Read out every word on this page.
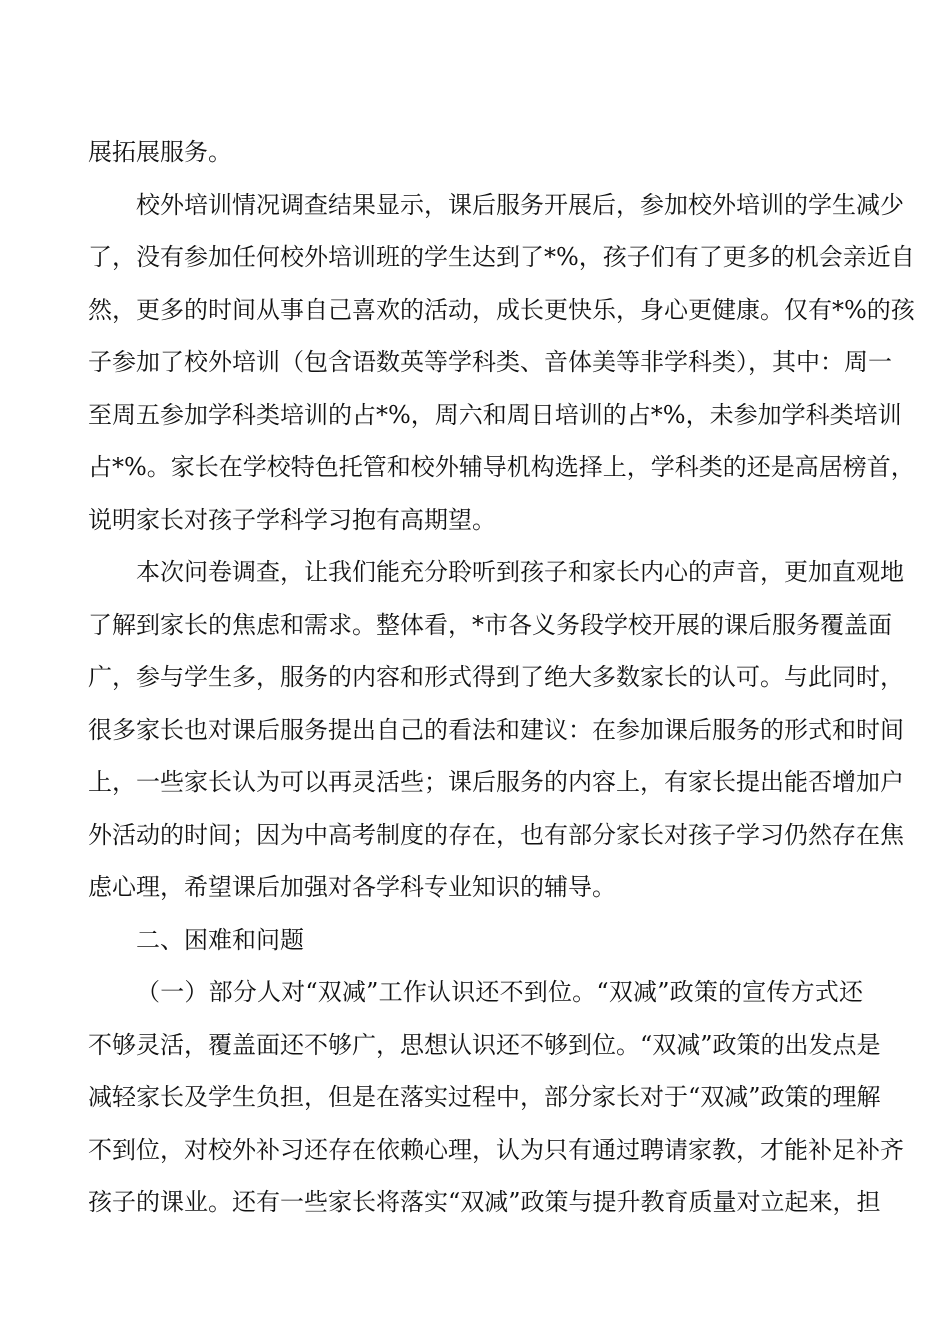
展拓展服务。
校外培训情况调查结果显示，课后服务开展后，参加校外培训的学生减少
了，没有参加任何校外培训班的学生达到了*%，孩子们有了更多的机会亲近自
然，更多的时间从事自己喜欢的活动，成长更快乐，身心更健康。仅有*%的孩
子参加了校外培训（包含语数英等学科类、音体美等非学科类），其中：周一
至周五参加学科类培训的占*%，周六和周日培训的占*%，未参加学科类培训
占*%。家长在学校特色托管和校外辅导机构选择上，学科类的还是高居榜首，
说明家长对孩子学科学习抱有高期望。
本次问卷调查，让我们能充分聆听到孩子和家长内心的声音，更加直观地
了解到家长的焦虑和需求。整体看，*市各义务段学校开展的课后服务覆盖面
广，参与学生多，服务的内容和形式得到了绝大多数家长的认可。与此同时，
很多家长也对课后服务提出自己的看法和建议：在参加课后服务的形式和时间
上，一些家长认为可以再灵活些；课后服务的内容上，有家长提出能否增加户
外活动的时间；因为中高考制度的存在，也有部分家长对孩子学习仍然存在焦
虑心理，希望课后加强对各学科专业知识的辅导。
二、困难和问题
（一）部分人对“双减”工作认识还不到位。“双减”政策的宣传方式还
不够灵活，覆盖面还不够广，思想认识还不够到位。“双减”政策的出发点是
减轻家长及学生负担，但是在落实过程中，部分家长对于“双减”政策的理解
不到位，对校外补习还存在依赖心理，认为只有通过聘请家教，才能补足补齐
孩子的课业。还有一些家长将落实“双减”政策与提升教育质量对立起来，担
